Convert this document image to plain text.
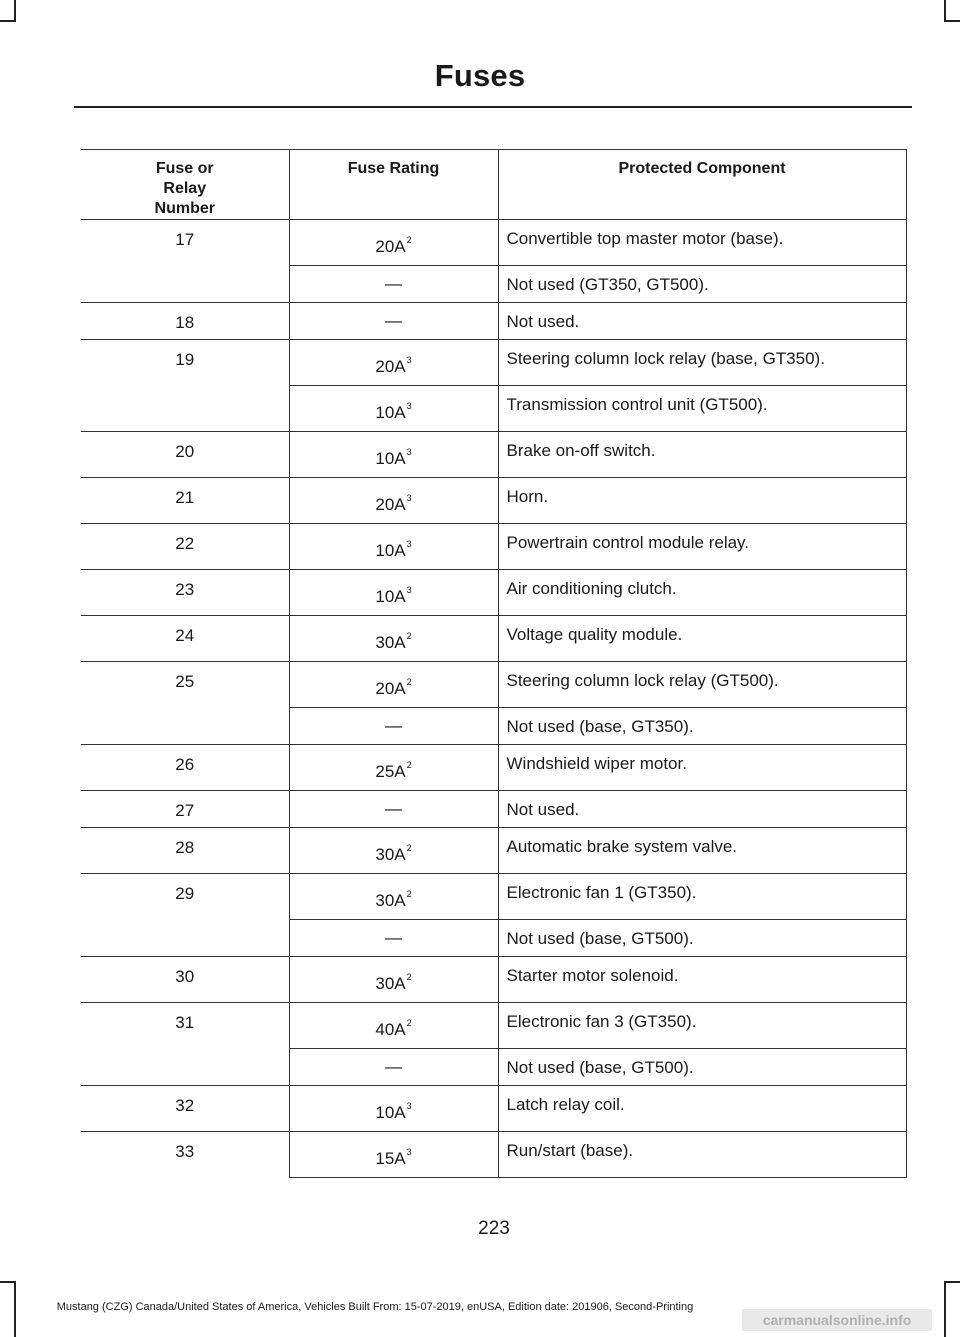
Fuses
Fuse or Relay Number	Fuse Rating	Protected Component
17	$20A^2$	Convertible top master motor (base).
	—	Not used (GT350, GT500).
18	—	Not used.
19	$20A^3$	Steering column lock relay (base, GT350).
	$10A^3$	Transmission control unit (GT500).
20	$10A^3$	Brake on-off switch.
21	$20A^3$	Horn.
22	$10A^3$	Powertrain control module relay.
23	$10A^3$	Air conditioning clutch.
24	$30A^2$	Voltage quality module.
25	$20A^2$	Steering column lock relay (GT500).
	—	Not used (base, GT350).
26	$25A^2$	Windshield wiper motor.
27	—	Not used.
28	$30A^2$	Automatic brake system valve.
29	$30A^2$	Electronic fan 1 (GT350).
	—	Not used (base, GT500).
30	$30A^2$	Starter motor solenoid.
31	$40A^2$	Electronic fan 3 (GT350).
	—	Not used (base, GT500).
32	$10A^3$	Latch relay coil.
33	$15A^3$	Run/start (base).
223
Mustang (CZG) Canada/United States of America, Vehicles Built From: 15-07-2019, enUSA, Edition date: 201906, Second-Printing
carmanualsonline.info
